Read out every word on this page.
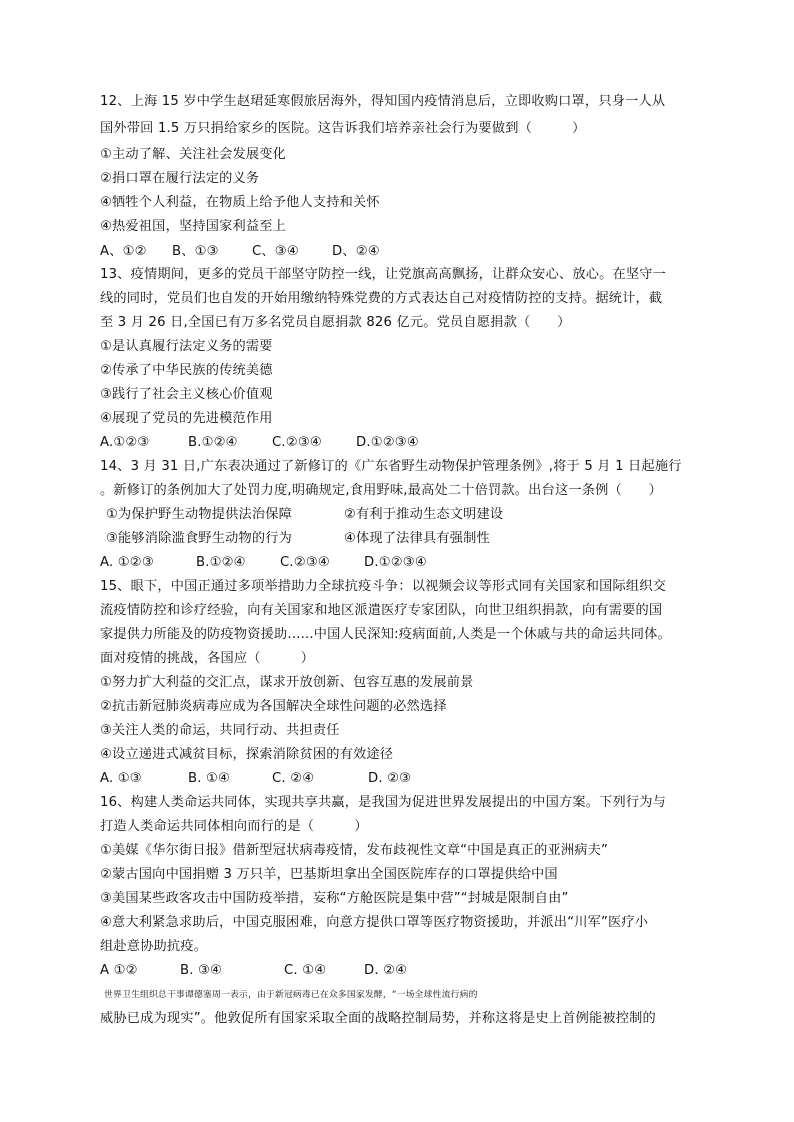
12、上海 15 岁中学生赵珺延寒假旅居海外，得知国内疫情消息后，立即收购口罩，只身一人从
国外带回 1.5 万只捐给家乡的医院。这告诉我们培养亲社会行为要做到（　　　）
①主动了解、关注社会发展变化
②捐口罩在履行法定的义务
④牺牲个人利益，在物质上给予他人支持和关怀
④热爱祖国，坚持国家利益至上
A、①② B、①③	C、③④	D、②④
13、疫情期间，更多的党员干部坚守防控一线，让党旗高高飘扬，让群众安心、放心。在坚守一
线的同时，党员们也自发的开始用缴纳特殊党费的方式表达自己对疫情防控的支持。据统计，截
至 3 月 26 日,全国已有万多名党员自愿捐款 826 亿元。党员自愿捐款（　　）
①是认真履行法定义务的需要
②传承了中华民族的传统美德
③践行了社会主义核心价值观
④展现了党员的先进模范作用
A.①②③	B.①②④	C.②③④	D.①②③④
14、3 月 31 日,广东表决通过了新修订的《广东省野生动物保护管理条例》,将于 5 月 1 日起施行
。新修订的条例加大了处罚力度,明确规定,食用野味,最高处二十倍罚款。出台这一条例（　　）
①为保护野生动物提供法治保障	②有利于推动生态文明建设
③能够消除滥食野生动物的行为	④体现了法律具有强制性
A. ①②③	B.①②④	C.②③④	D.①②③④
15、眼下，中国正通过多项举措助力全球抗疫斗争：以视频会议等形式同有关国家和国际组织交
流疫情防控和诊疗经验，向有关国家和地区派遣医疗专家团队，向世卫组织捐款，向有需要的国
家提供力所能及的防疫物资援助......中国人民深知:疫病面前,人类是一个休戚与共的命运共同体。
面对疫情的挑战，各国应（　　　）
①努力扩大利益的交汇点，谋求开放创新、包容互惠的发展前景
②抗击新冠肺炎病毒应成为各国解决全球性问题的必然选择
③关注人类的命运，共同行动、共担责任
④设立递进式减贫目标，探索消除贫困的有效途径
A. ①③	B. ①④	C. ②④	D. ②③
16、构建人类命运共同体，实现共享共赢，是我国为促进世界发展提出的中国方案。下列行为与
打造人类命运共同体相向而行的是（　　　）
①美媒《华尔街日报》借新型冠状病毒疫情，发布歧视性文章“中国是真正的亚洲病夫”
②蒙古国向中国捐赠 3 万只羊，巴基斯坦拿出全国医院库存的口罩提供给中国
③美国某些政客攻击中国防疫举措，妄称“方舱医院是集中营”“封城是限制自由”
④意大利紧急求助后，中国克服困难，向意方提供口罩等医疗物资援助，并派出“川军”医疗小
组赴意协助抗疫。
A ①②	B. ③④	C. ①④	D. ②④
世界卫生组织总干事谭德塞周一表示，由于新冠病毒已在众多国家发酵，“一场全球性流行病的
威胁已成为现实”。他敦促所有国家采取全面的战略控制局势，并称这将是史上首例能被控制的
